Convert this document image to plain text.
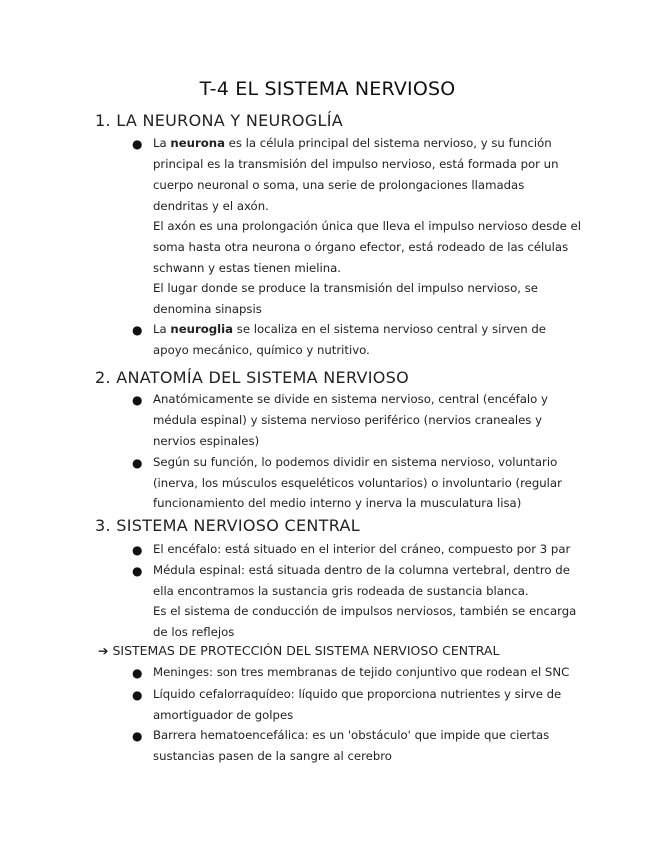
T-4 EL SISTEMA NERVIOSO
1. LA NEURONA Y NEUROGLÍA
● La neurona es la célula principal del sistema nervioso, y su función
principal es la transmisión del impulso nervioso, está formada por un
cuerpo neuronal o soma, una serie de prolongaciones llamadas
dendritas y el axón.
El axón es una prolongación única que lleva el impulso nervioso desde el
soma hasta otra neurona o órgano efector, está rodeado de las células
schwann y estas tienen mielina.
El lugar donde se produce la transmisión del impulso nervioso, se
denomina sinapsis
● La neuroglia se localiza en el sistema nervioso central y sirven de
apoyo mecánico, químico y nutritivo.
2. ANATOMÍA DEL SISTEMA NERVIOSO
● Anatómicamente se divide en sistema nervioso, central (encéfalo y
médula espinal) y sistema nervioso periférico (nervios craneales y
nervios espinales)
● Según su función, lo podemos dividir en sistema nervioso, voluntario
(inerva, los músculos esqueléticos voluntarios) o involuntario (regular
funcionamiento del medio interno y inerva la musculatura lisa)
3. SISTEMA NERVIOSO CENTRAL
● El encéfalo: está situado en el interior del cráneo, compuesto por 3 par
● Médula espinal: está situada dentro de la columna vertebral, dentro de
ella encontramos la sustancia gris rodeada de sustancia blanca.
Es el sistema de conducción de impulsos nerviosos, también se encarga
de los reflejos
➔ SISTEMAS DE PROTECCIÓN DEL SISTEMA NERVIOSO CENTRAL
● Meninges: son tres membranas de tejido conjuntivo que rodean el SNC
● Líquido cefalorraquídeo: líquido que proporciona nutrientes y sirve de
amortiguador de golpes
● Barrera hematoencefálica: es un 'obstáculo' que impide que ciertas
sustancias pasen de la sangre al cerebro
